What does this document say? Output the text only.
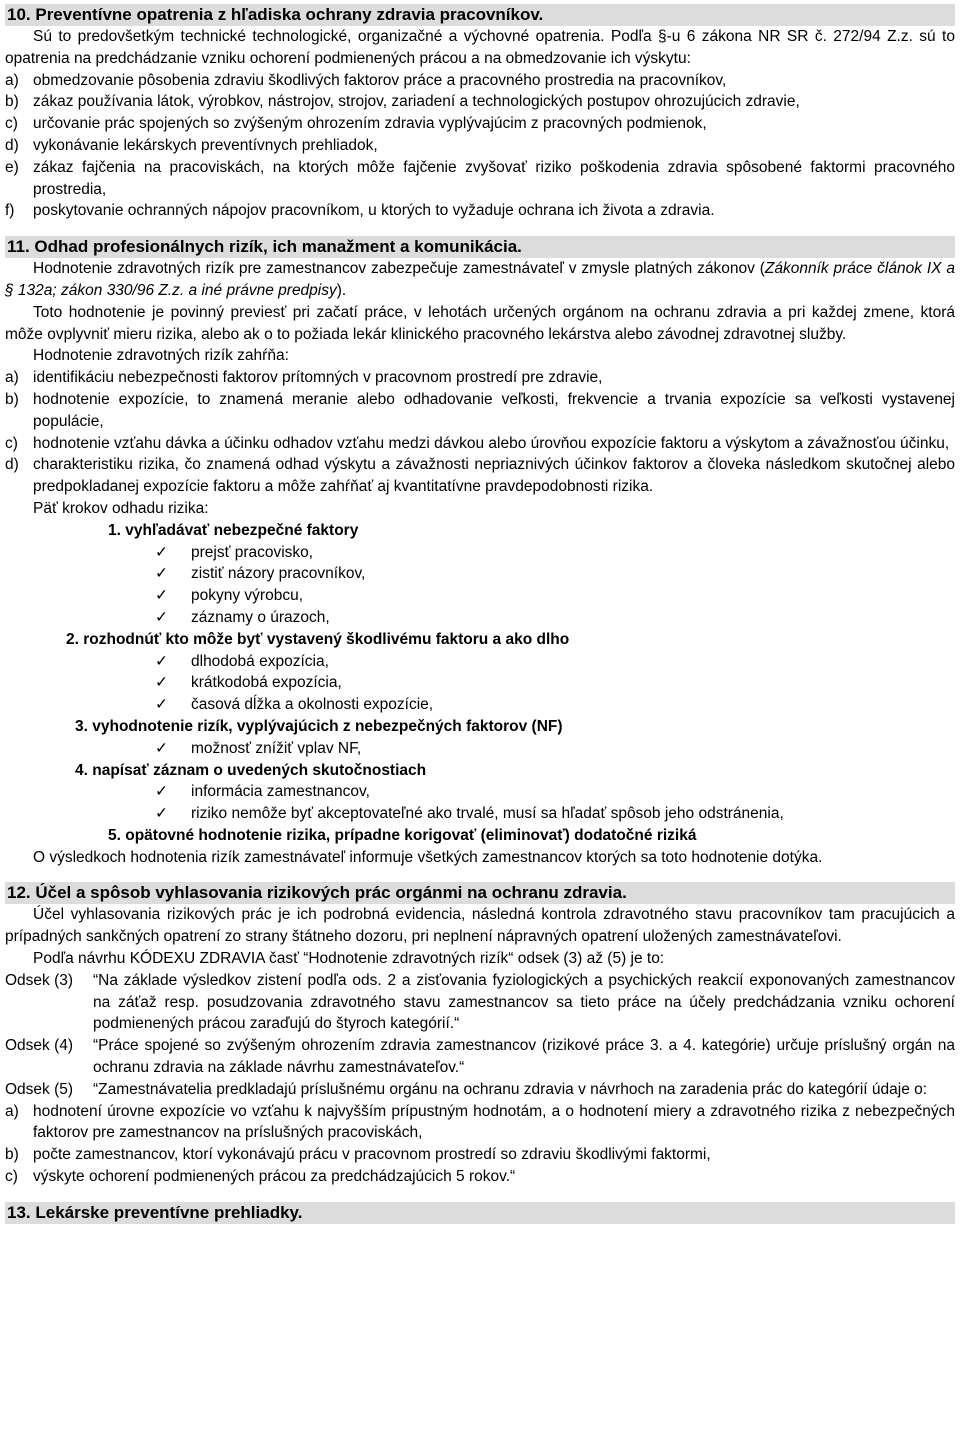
10. Preventívne opatrenia z hľadiska ochrany zdravia pracovníkov.

Sú to predovšetkým technické technologické, organizačné a výchovné opatrenia. Podľa §-u 6 zákona NR SR č. 272/94 Z.z. sú to opatrenia na predchádzanie vzniku ochorení podmienených prácou a na obmedzovanie ich výskytu:

a) obmedzovanie pôsobenia zdraviu škodlivých faktorov práce a pracovného prostredia na pracovníkov,
b) zákaz používania látok, výrobkov, nástrojov, strojov, zariadení a technologických postupov ohrozujúcich zdravie,
c) určovanie prác spojených so zvýšeným ohrozením zdravia vyplývajúcim z pracovných podmienok,
d) vykonávanie lekárskych preventívnych prehliadok,
e) zákaz fajčenia na pracoviskách, na ktorých môže fajčenie zvyšovať riziko poškodenia zdravia spôsobené faktormi pracovného prostredia,
f) poskytovanie ochranných nápojov pracovníkom, u ktorých to vyžaduje ochrana ich života a zdravia.
11. Odhad profesionálnych rizík, ich manažment a komunikácia.

Hodnotenie zdravotných rizík pre zamestnancov zabezpečuje zamestnávateľ v zmysle platných zákonov (Zákonník práce článok IX a § 132a; zákon 330/96 Z.z. a iné právne predpisy).

Toto hodnotenie je povinný previesť pri začatí práce, v lehotách určených orgánom na ochranu zdravia a pri každej zmene, ktorá môže ovplyvniť mieru rizika, alebo ak o to požiada lekár klinického pracovného lekárstva alebo závodnej zdravotnej služby.

Hodnotenie zdravotných rizík zahŕňa:

a) identifikáciu nebezpečnosti faktorov prítomných v pracovnom prostredí pre zdravie,
b) hodnotenie expozície, to znamená meranie alebo odhadovanie veľkosti, frekvencie a trvania expozície sa veľkosti vystavenej populácie,
c) hodnotenie vzťahu dávka a účinku odhadov vzťahu medzi dávkou alebo úrovňou expozície faktoru a výskytom a závažnosťou účinku,
d) charakteristiku rizika, čo znamená odhad výskytu a závažnosti nepriaznivých účinkov faktorov a človeka následkom skutočnej alebo predpokladanej expozície faktoru a môže zahŕňať aj kvantitatívne pravdepodobnosti rizika.

Päť krokov odhadu rizika:

1. vyhľadávať nebezpečné faktory
✓ prejsť pracovisko,
✓ zistiť názory pracovníkov,
✓ pokyny výrobcu,
✓ záznamy o úrazoch,
2. rozhodnúť kto môže byť vystavený škodlivému faktoru a ako dlho
✓ dlhodobá expozícia,
✓ krátkodobá expozícia,
✓ časová dĺžka a okolnosti expozície,
3. vyhodnotenie rizík, vyplývajúcich z nebezpečných faktorov (NF)
✓ možnosť znížiť vplav NF,
4. napísať záznam o uvedených skutočnostiach
✓ informácia zamestnancov,
✓ riziko nemôže byť akceptovateľné ako trvalé, musí sa hľadať spôsob jeho odstránenia,
5. opätovné hodnotenie rizika, prípadne korigovať (eliminovať) dodatočné riziká

O výsledkoch hodnotenia rizík zamestnávateľ informuje všetkých zamestnancov ktorých sa toto hodnotenie dotýka.

12. Účel a spôsob vyhlasovania rizikových prác orgánmi na ochranu zdravia.

Účel vyhlasovania rizikových prác je ich podrobná evidencia, následná kontrola zdravotného stavu pracovníkov tam pracujúcich a prípadných sankčných opatrení zo strany štátneho dozoru, pri neplnení nápravných opatrení uložených zamestnávateľovi.

Podľa návrhu KÓDEXU ZDRAVIA časť “Hodnotenie zdravotných rizík“ odsek (3) až (5) je to:

Odsek (3) “Na základe výsledkov zistení podľa ods. 2 a zisťovania fyziologických a psychických reakcií exponovaných zamestnancov na záťaž resp. posudzovania zdravotného stavu zamestnancov sa tieto práce na účely predchádzania vzniku ochorení podmienených prácou zaraďujú do štyroch kategórií.“
Odsek (4) “Práce spojené so zvýšeným ohrozením zdravia zamestnancov (rizikové práce 3. a 4. kategórie) určuje príslušný orgán na ochranu zdravia na základe návrhu zamestnávateľov.“
Odsek (5) “Zamestnávatelia predkladajú príslušnému orgánu na ochranu zdravia v návrhoch na zaradenia prác do kategórií údaje o:
a) hodnotení úrovne expozície vo vzťahu k najvyšším prípustným hodnotám, a o hodnotení miery a zdravotného rizika z nebezpečných faktorov pre zamestnancov na príslušných pracoviskách,
b) počte zamestnancov, ktorí vykonávajú prácu v pracovnom prostredí so zdraviu škodlivými faktormi,
c) výskyte ochorení podmienených prácou za predchádzajúcich 5 rokov.“
13. Lekárske preventívne prehliadky.
